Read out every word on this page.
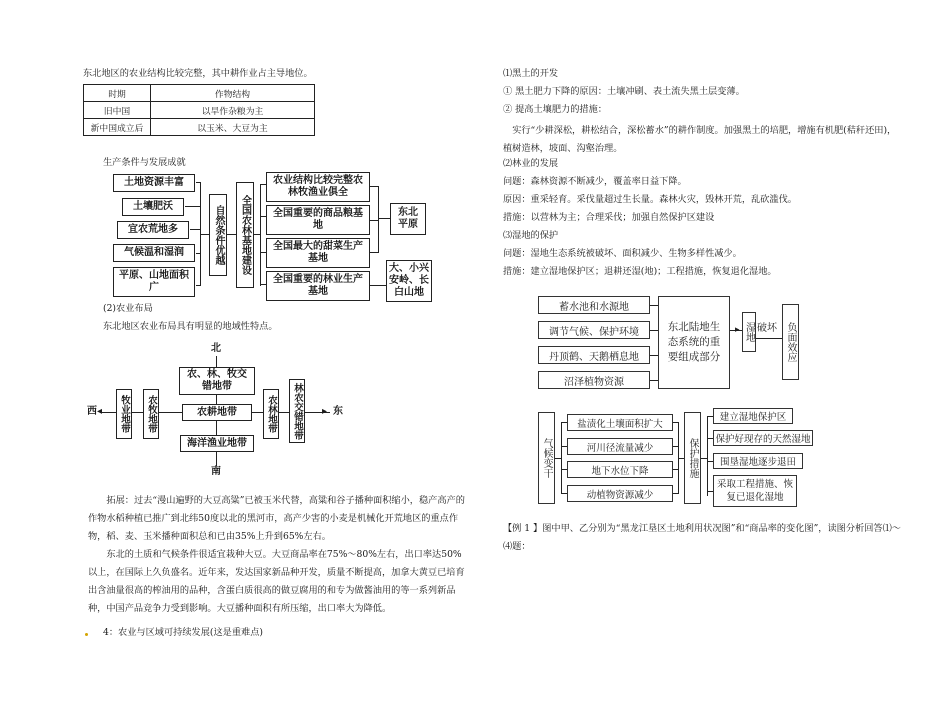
东北地区的农业结构比较完整，其中耕作业占主导地位。
时期	作物结构
旧中国	以旱作杂粮为主
新中国成立后	以玉米、大豆为主
生产条件与发展成就
土地资源丰富
土壤肥沃
宜农荒地多
气候温和湿润
平原、山地面积广
自然条件优越	全国农林基地建设
农业结构比较完整农林牧渔业俱全
全国重要的商品粮基地
全国最大的甜菜生产基地
全国重要的林业生产基地
东北平原
大、小兴安岭、长白山地
(2)农业布局
东北地区农业布局具有明显的地域性特点。
北
农、林、牧交错地带
西 ◂	▸ 东
牧业地带	农牧地带	农耕地带	农林地带	林农交错地带
海洋渔业地带
南
拓展：过去“漫山遍野的大豆高粱”已被玉米代替，高粱和谷子播种面积缩小，稳产高产的作物水稻种植已推广到北纬50度以北的黑河市，高产少害的小麦是机械化开荒地区的重点作物，稻、麦、玉米播种面积总和已由35%上升到65%左右。
东北的土质和气候条件很适宜栽种大豆。大豆商品率在75%～80%左右，出口率达50%以上，在国际上久负盛名。近年来，发达国家新品种开发，质量不断提高，加拿大黄豆已培育出含油量很高的榨油用的品种，含蛋白质很高的做豆腐用的和专为做酱油用的等一系列新品种，中国产品竞争力受到影响。大豆播种面积有所压缩，出口率大为降低。
4：农业与区域可持续发展(这是重难点)
⑴黑土的开发
① 黑土肥力下降的原因：土壤冲刷、表土流失黑土层变薄。
② 提高土壤肥力的措施：
实行“少耕深松，耕松结合，深松蓄水”的耕作制度。加强黑土的培肥，增施有机肥(秸秆还田)，植树造林，坡面、沟壑治理。
⑵林业的发展
问题：森林资源不断减少，覆盖率日益下降。
原因：重采轻育。采伐量超过生长量。森林火灾，毁林开荒，乱砍滥伐。
措施：以营林为主；合理采伐；加强自然保护区建设
⑶湿地的保护
问题：湿地生态系统被破坏、面积减少、生物多样性减少。
措施：建立湿地保护区；退耕还湿(地)；工程措施，恢复退化湿地。
蓄水池和水源地
调节气候、保护环境
丹顶鹤、天鹅栖息地
沼泽植物资源
东北陆地生态系统的重要组成部分
▸ 湿地 破坏 负面效应
气候变干
盐渍化土壤面积扩大
河川径流量减少
地下水位下降
动植物资源减少
保护措施
建立湿地保护区
保护好现存的天然湿地
围垦湿地逐步退田
采取工程措施、恢复已退化湿地
【例 1 】图中甲、乙分别为“黑龙江垦区土地利用状况图”和“商品率的变化图”，读图分析回答⑴～⑷题：
